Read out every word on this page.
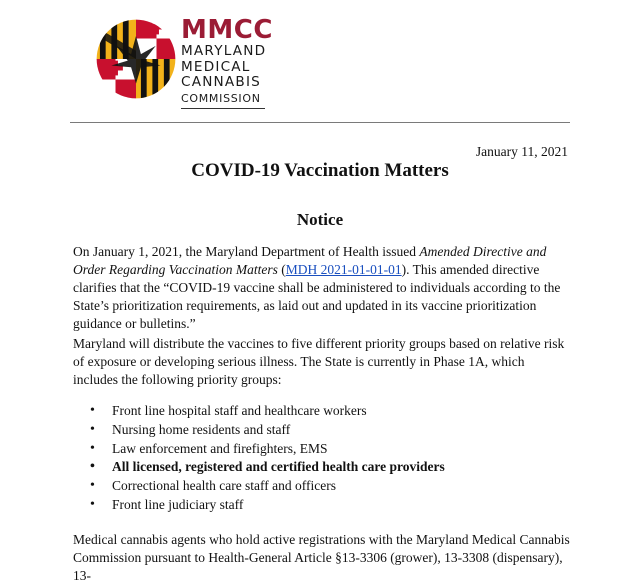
MMCC
MARYLAND
MEDICAL
CANNABIS
COMMISSION
January 11, 2021
COVID-19 Vaccination Matters
Notice

On January 1, 2021, the Maryland Department of Health issued Amended Directive and Order Regarding Vaccination Matters (MDH 2021-01-01-01). This amended directive clarifies that the “COVID-19 vaccine shall be administered to individuals according to the State’s prioritization requirements, as laid out and updated in its vaccine prioritization guidance or bulletins.”

Maryland will distribute the vaccines to five different priority groups based on relative risk of exposure or developing serious illness. The State is currently in Phase 1A, which includes the following priority groups:

• Front line hospital staff and healthcare workers
• Nursing home residents and staff
• Law enforcement and firefighters, EMS
• All licensed, registered and certified health care providers
• Correctional health care staff and officers
• Front line judiciary staff

Medical cannabis agents who hold active registrations with the Maryland Medical Cannabis Commission pursuant to Health-General Article §13-3306 (grower), 13-3308 (dispensary), 13-
